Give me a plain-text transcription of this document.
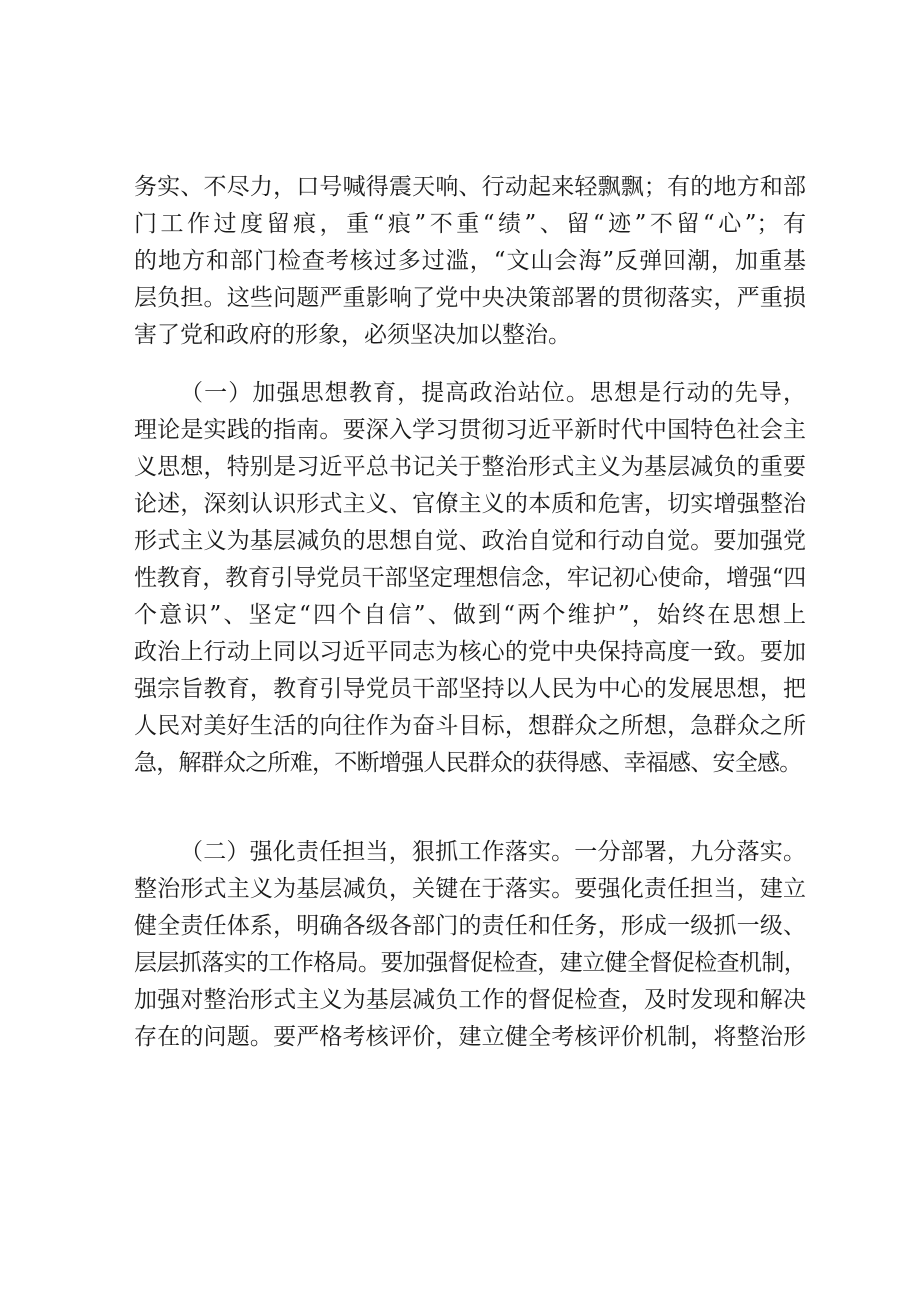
务实、不尽力，口号喊得震天响、行动起来轻飘飘；有的地方和部
门工作过度留痕，重“痕”不重“绩”、留“迹”不留“心”；有
的地方和部门检查考核过多过滥，“文山会海”反弹回潮，加重基
层负担。这些问题严重影响了党中央决策部署的贯彻落实，严重损
害了党和政府的形象，必须坚决加以整治。
（一）加强思想教育，提高政治站位。思想是行动的先导，
理论是实践的指南。要深入学习贯彻习近平新时代中国特色社会主
义思想，特别是习近平总书记关于整治形式主义为基层减负的重要
论述，深刻认识形式主义、官僚主义的本质和危害，切实增强整治
形式主义为基层减负的思想自觉、政治自觉和行动自觉。要加强党
性教育，教育引导党员干部坚定理想信念，牢记初心使命，增强“四
个意识”、坚定“四个自信”、做到“两个维护”，始终在思想上
政治上行动上同以习近平同志为核心的党中央保持高度一致。要加
强宗旨教育，教育引导党员干部坚持以人民为中心的发展思想，把
人民对美好生活的向往作为奋斗目标，想群众之所想，急群众之所
急，解群众之所难，不断增强人民群众的获得感、幸福感、安全感。
（二）强化责任担当，狠抓工作落实。一分部署，九分落实。
整治形式主义为基层减负，关键在于落实。要强化责任担当，建立
健全责任体系，明确各级各部门的责任和任务，形成一级抓一级、
层层抓落实的工作格局。要加强督促检查，建立健全督促检查机制，
加强对整治形式主义为基层减负工作的督促检查，及时发现和解决
存在的问题。要严格考核评价，建立健全考核评价机制，将整治形
